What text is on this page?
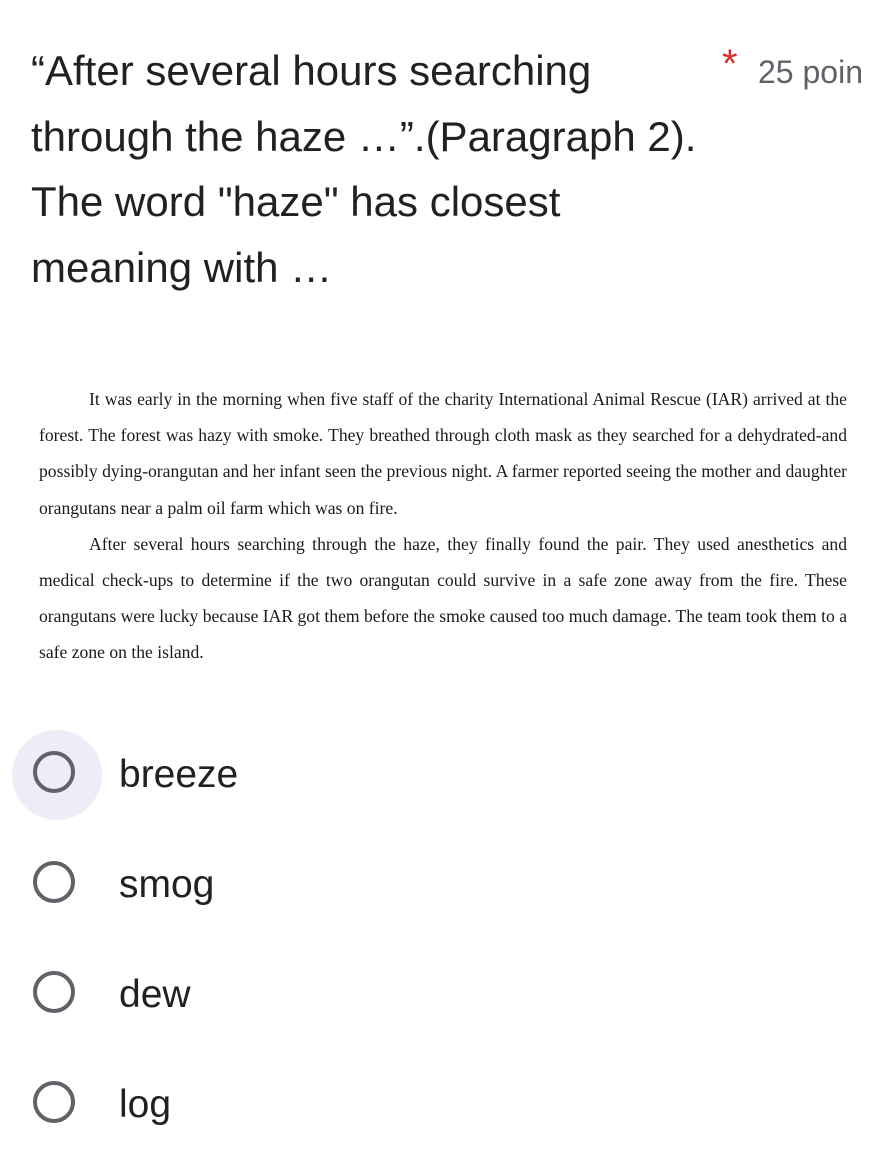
“After several hours searching through the haze …”.(Paragraph 2). The word "haze" has closest meaning with …
* 25 poin

It was early in the morning when five staff of the charity International Animal Rescue (IAR) arrived at the forest. The forest was hazy with smoke. They breathed through cloth mask as they searched for a dehydrated-and possibly dying-orangutan and her infant seen the previous night. A farmer reported seeing the mother and daughter orangutans near a palm oil farm which was on fire.

After several hours searching through the haze, they finally found the pair. They used anesthetics and medical check-ups to determine if the two orangutan could survive in a safe zone away from the fire. These orangutans were lucky because IAR got them before the smoke caused too much damage. The team took them to a safe zone on the island.

breeze
smog
dew
log
